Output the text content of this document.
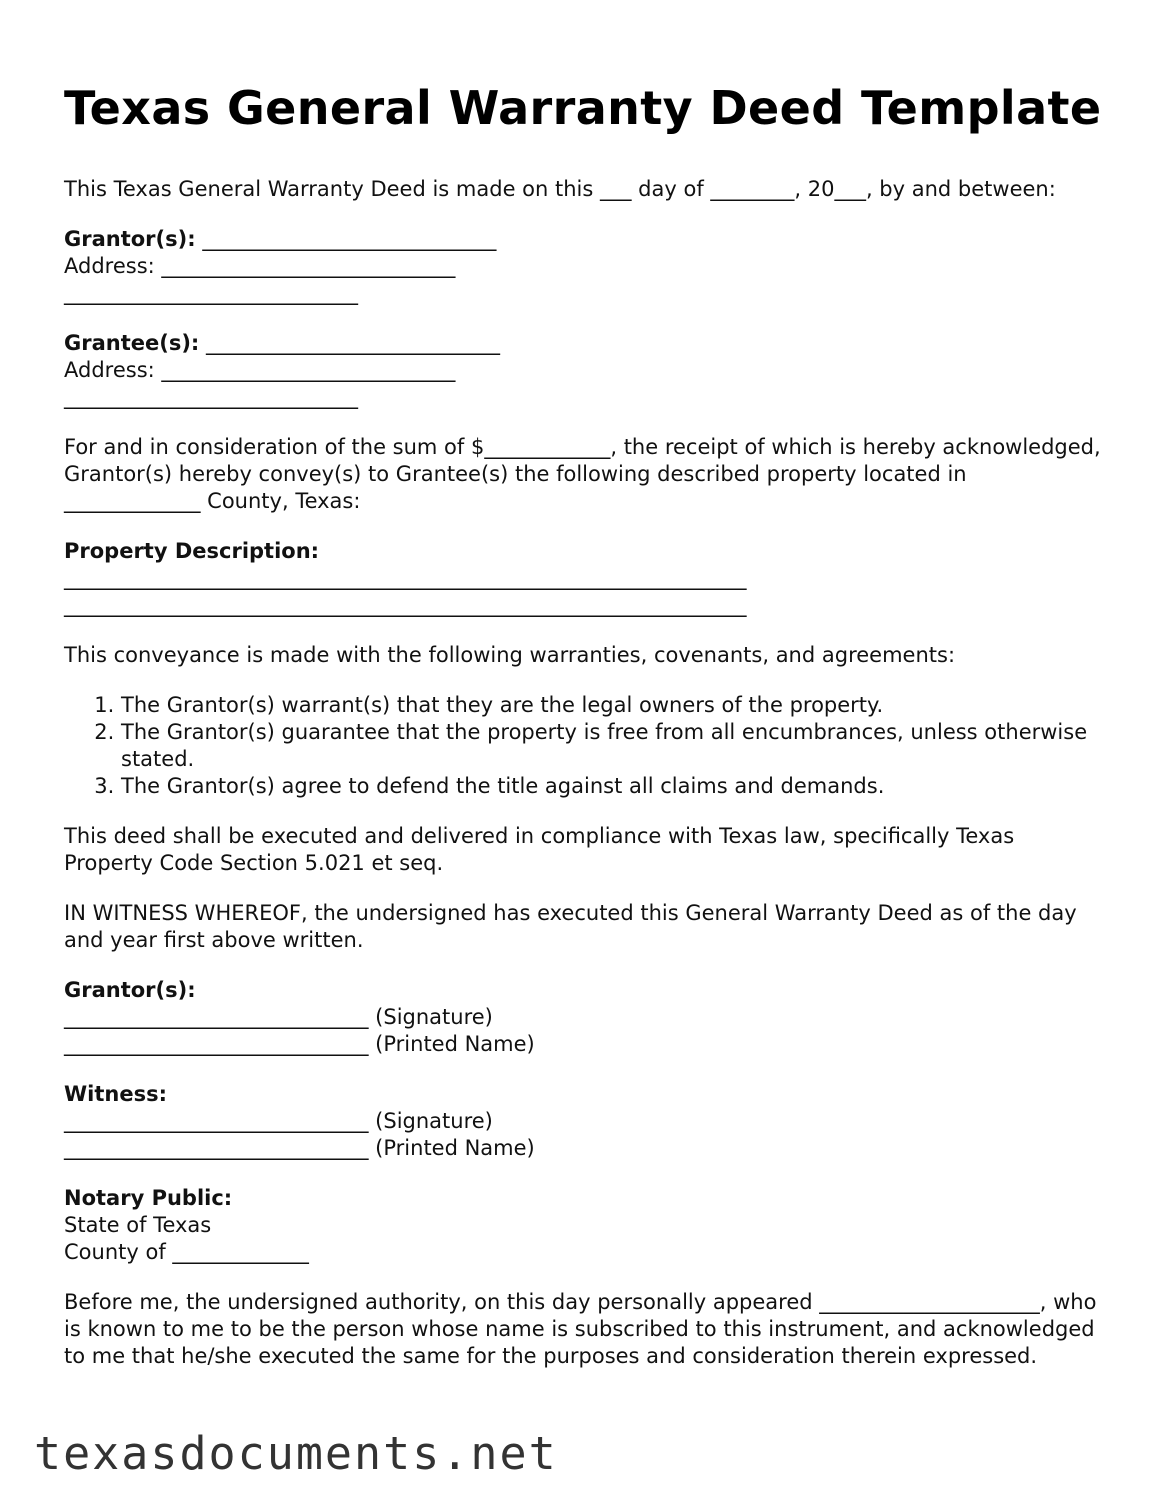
Texas General Warranty Deed Template

This Texas General Warranty Deed is made on this ___ day of ________, 20___, by and between:

Grantor(s): ____________________________
Address: ____________________________
____________________________
Grantee(s): ____________________________
Address: ____________________________
____________________________

For and in consideration of the sum of $____________, the receipt of which is hereby acknowledged, Grantor(s) hereby convey(s) to Grantee(s) the following described property located in _____________ County, Texas:

Property Description:
_________________________________________________________________
_________________________________________________________________

This conveyance is made with the following warranties, covenants, and agreements:

1. The Grantor(s) warrant(s) that they are the legal owners of the property.
2. The Grantor(s) guarantee that the property is free from all encumbrances, unless otherwise stated.
3. The Grantor(s) agree to defend the title against all claims and demands.

This deed shall be executed and delivered in compliance with Texas law, specifically Texas Property Code Section 5.021 et seq.

IN WITNESS WHEREOF, the undersigned has executed this General Warranty Deed as of the day and year first above written.

Grantor(s):
_____________________________ (Signature)
_____________________________ (Printed Name)
Witness:
_____________________________ (Signature)
_____________________________ (Printed Name)
Notary Public:
State of Texas
County of _____________

Before me, the undersigned authority, on this day personally appeared _____________________, who is known to me to be the person whose name is subscribed to this instrument, and acknowledged to me that he/she executed the same for the purposes and consideration therein expressed.

texasdocuments.net
